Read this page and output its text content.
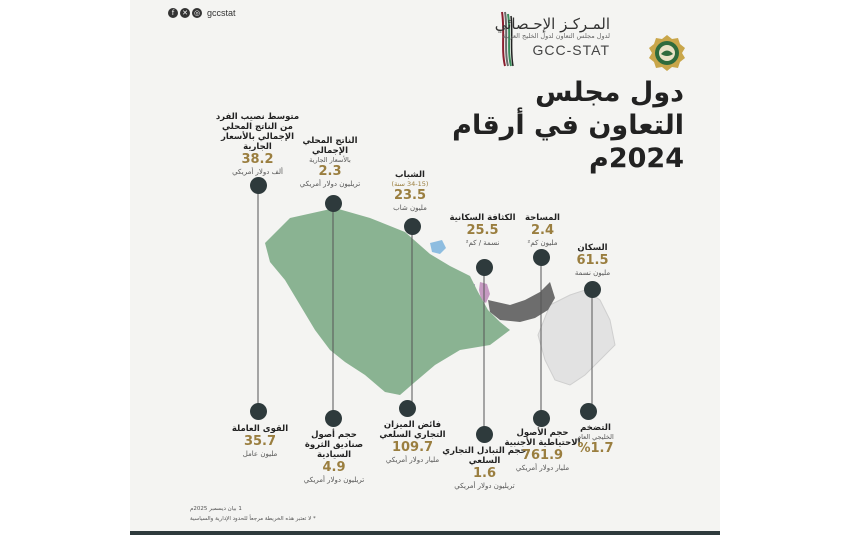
f	✕ ◎ gccstat
المـركـز الإحـصائي
لدول مجلس التعاون لدول الخليج العربية
GCC-STAT
دول مجلس
التعاون في أرقام
2024م
متوسط نصيب الفرد من الناتج المحلي الإجمالي بالأسعار الجارية
38.2
ألف دولار أمريكي
الناتج المحلي الإجمالي
بالأسعار الجارية
2.3
تريليون دولار أمريكي
الشباب
(34-15 سنة)
23.5
مليون شاب
الكثافة السكانية
25.5
نسمة / كم²
المساحة
2.4
مليون كم²	السكان
61.5
مليون نسمة
القوى العاملة
35.7
مليون عامل
حجم أصول صناديق الثروة السيادية
4.9
تريليون دولار أمريكي
فائض الميزان التجاري السلعي
109.7
مليار دولار أمريكي
حجم التبادل التجاري السلعي
1.6
تريليون دولار أمريكي
حجم الأصول الاحتياطية الأجنبية
761.9
مليار دولار أمريكي
التضخم
الخليجي العام
%1.7
1 بيان ديسمبر 2025م
* لا تعتبر هذه الخريطة مرجعاً للحدود الإدارية والسياسية
